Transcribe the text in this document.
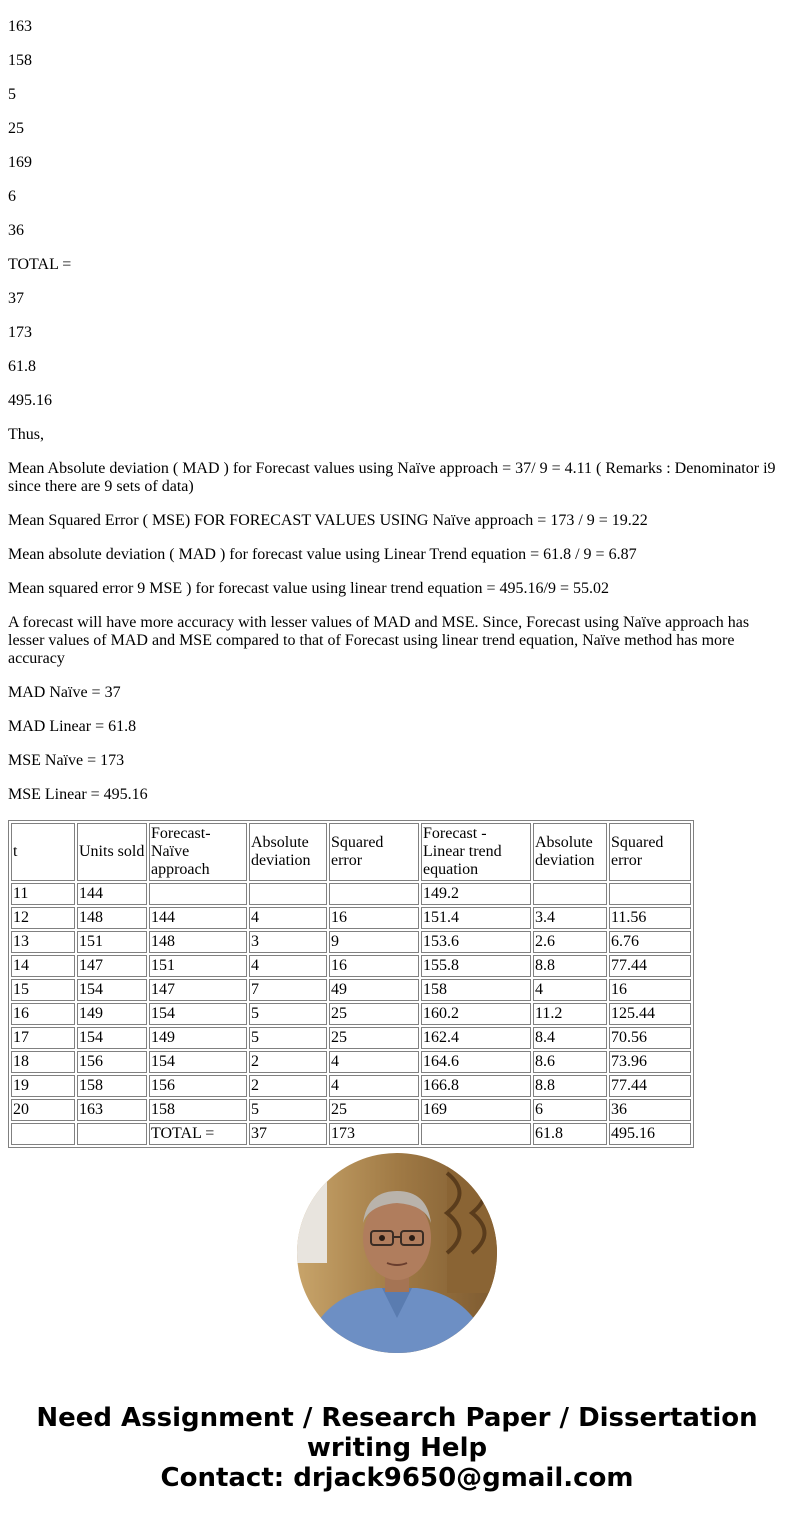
163

158

5

25

169

6

36

TOTAL =

37

173

61.8

495.16

Thus,

Mean Absolute deviation ( MAD ) for Forecast values using Naïve approach = 37/ 9 = 4.11 ( Remarks : Denominator i9 since there are 9 sets of data)

Mean Squared Error ( MSE) FOR FORECAST VALUES USING Naïve approach = 173 / 9 = 19.22

Mean absolute deviation ( MAD ) for forecast value using Linear Trend equation = 61.8 / 9 = 6.87

Mean squared error 9 MSE ) for forecast value using linear trend equation = 495.16/9 = 55.02

A forecast will have more accuracy with lesser values of MAD and MSE. Since, Forecast using Naïve approach has lesser values of MAD and MSE compared to that of Forecast using linear trend equation, Naïve method has more accuracy

MAD Naïve = 37

MAD Linear = 61.8

MSE Naïve = 173

MSE Linear = 495.16

t	Units sold	Forecast-Naïve approach	Absolute deviation	Squared error	Forecast - Linear trend equation	Absolute deviation	Squared error
11	144				149.2		
12	148	144	4	16	151.4	3.4	11.56
13	151	148	3	9	153.6	2.6	6.76
14	147	151	4	16	155.8	8.8	77.44
15	154	147	7	49	158	4	16
16	149	154	5	25	160.2	11.2	125.44
17	154	149	5	25	162.4	8.4	70.56
18	156	154	2	4	164.6	8.6	73.96
19	158	156	2	4	166.8	8.8	77.44
20	163	158	5	25	169	6	36
		TOTAL =	37	173		61.8	495.16
Need Assignment / Research Paper / Dissertation writing Help
Contact: drjack9650@gmail.com
